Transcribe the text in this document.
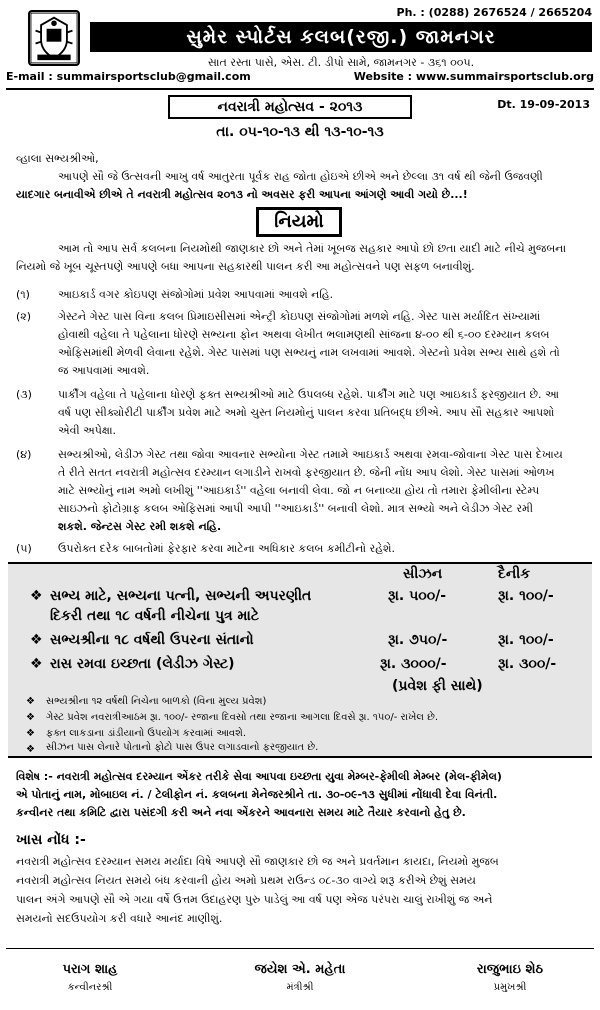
Ph. : (0288) 2676524 / 2665204
સુમેર સ્પોર્ટસ કલબ(રજી.) જામનગર
સાત રસ્તા પાસે, એસ. ટી. ડીપો સામે, જામનગર - ૩૬૧ ૦૦૫.
E-mail : summairsportsclub@gmail.com	Website : www.summairsportsclub.org
નવરાત્રી મહોત્સવ - ૨૦૧૩	Dt. 19-09-2013
તા. ૦૫-૧૦-૧૩ થી ૧૩-૧૦-૧૩
વ્હાલા સભ્યશ્રીઓ,
આપણે સૌ જે ઉત્સવની આખુ વર્ષ આતુરતા પૂર્વક રાહ જોતા હોઇએ છીએ અને છેલ્લા ૩૧ વર્ષ થી જેની ઉજવણી
યાદગાર બનાવીએ છીએ તે નવરાત્રી મહોત્સવ ૨૦૧૩ નો અવસર ફરી આપના આંગણે આવી ગયો છે...!
નિયમો
આમ તો આપ સર્વ કલબના નિયમોથી જાણકાર છો અને તેમાં ખૂબજ સહકાર આપો છો છતા યાદી માટે નીચે મુજબના
નિયમો જે ખૂબ ચૂસ્તપણે આપણે બધા આપના સહકારથી પાલન કરી આ મહોત્સવને પણ સફળ બનાવીશું.
(૧)	આઇકાર્ડ વગર કોઇપણ સંજોગોમાં પ્રવેશ આપવામાં આવશે નહિ.
(૨) ગેસ્ટને ગેસ્ટ પાસ વિના કલબ પ્રિમાઇસીસમાં એન્ટ્રી કોઇપણ સંજોગોમાં મળશે નહિ. ગેસ્ટ પાસ મર્યાદિત સંખ્યામાં
હોવાથી વહેલા તે પહેલાના ધોરણે સભ્યના ફોન અથવા લેખીત ભલામણથી સાંજના ૪-૦૦ થી ૬-૦૦ દરમ્યાન કલબ
ઓફિસમાંથી મેળવી લેવાના રહેશે. ગેસ્ટ પાસમાં પણ સભ્યનું નામ લખવામાં આવશે. ગેસ્ટનો પ્રવેશ સભ્ય સાથે હશે તો
જ આપવામાં આવશે.
(૩) પાર્કીંગ વહેલા તે પહેલાના ધોરણે ફક્ત સભ્યશ્રીઓ માટે ઉપલબ્ધ રહેશે. પાર્કીંગ માટે પણ આઇકાર્ડ ફરજીયાત છે. આ
વર્ષ પણ સીક્યોરીટી પાર્કીંગ પ્રવેશ માટે અમો ચુસ્ત નિયમોનું પાલન કરવા પ્રતિબદ્ધ છીએ. આપ સૌ સહકાર આપશો
એવી અપેક્ષા.
(૪) સભ્યશ્રીઓ, લેડીઝ ગેસ્ટ તથા જોવા આવનાર સભ્યોના ગેસ્ટ તમામે આઇકાર્ડ અથવા રમવા-જોવાના ગેસ્ટ પાસ દેખાય
તે રીતે સતત નવરાત્રી મહોત્સવ દરમ્યાન લગાડીને રાખવો ફરજીયાત છે. જેની નોંધ આપ લેશો. ગેસ્ટ પાસમાં ઓળખ
માટે સભ્યોનું નામ અમો લખીશું ''આઇકાર્ડ'' વહેલા બનાવી લેવા. જો ન બનાવ્યા હોય તો તમારા ફેમીલીના સ્ટેમ્પ
સાઇઝનો ફોટોગ્રાફ કલબ ઓફિસમાં આપી આપી ''આઇકાર્ડ'' બનાવી લેશો. માત્ર સભ્યો અને લેડીઝ ગેસ્ટ રમી
શકશે. જેન્ટસ ગેસ્ટ રમી શકશે નહિ.
(૫) ઉપરોક્ત દરેક બાબતોમાં ફેરફાર કરવા માટેના અધિકાર કલબ કમીટીનો રહેશે.
સીઝન	દૈનીક
❖ સભ્ય માટે, સભ્યના પત્ની, સભ્યની અપરણીત
દિકરી તથા ૧૮ વર્ષની નીચેના પુત્ર માટે
રૂા. ૫૦૦/-	રૂા. ૧૦૦/-
❖ સભ્યશ્રીના ૧૮ વર્ષથી ઉપરના સંતાનો	રૂા. ૭૫૦/-	રૂા. ૧૦૦/-
❖ રાસ રમવા ઇચ્છતા (લેડીઝ ગેસ્ટ)	રૂા. ૩૦૦૦/-	રૂા. ૩૦૦/-
(પ્રવેશ ફી સાથે)
❖ સભ્યશ્રીના ૧૨ વર્ષથી નિચેના બાળકો (વિના મુલ્ય પ્રવેશ)
❖ ગેસ્ટ પ્રવેશ નવરાત્રીઆઠમ રૂા. ૧૦૦/- રજાના દિવસો તથા રજાના આગલા દિવસે રૂા. ૧૫૦/- રાખેલ છે.
❖ ફક્ત લાકડાના ડાંડીયાનો ઉપયોગ કરવામાં આવશે.
❖ સીઝન પાસ લેનારે પોતાનો ફોટો પાસ ઉપર લગાડવાનો ફરજીયાત છે.
વિશેષ :- નવરાત્રી મહોત્સવ દરમ્યાન એંકર તરીકે સેવા આપવા ઇચ્છતા યુવા મેમ્બર-ફેમીલી મેમ્બર (મેલ-ફીમેલ)
એ પોતાનું નામ, મોબાઇલ નં. / ટેલીફોન નં. કલબના મેનેજરશ્રીને તા. ૩૦-૦૯-૧૩ સુધીમાં નોંધાવી દેવા વિનંતી.
કન્વીનર તથા કમિટિ દ્વારા પસંદગી કરી અને નવા એંકરને આવનારા સમય માટે તૈયાર કરવાનો હેતુ છે.
ખાસ નોંધ :-
નવરાત્રી મહોત્સવ દરમ્યાન સમય મર્યાદા વિષે આપણે સૌ જાણકાર છો જ અને પ્રવર્તમાન કાયદા, નિયમો મુજબ
નવરાત્રી મહોત્સવ નિયત સમયે બંધ કરવાની હોય અમો પ્રથમ રાઉન્ડ ૦૮-૩૦ વાગ્યે શરૂ કરીએ છેશું સમય
પાલન અંગે આપણે સૌ એ ગયા વર્ષે ઉત્તમ ઉદાહરણ પુરુ પાડેલું આ વર્ષ પણ એજ પરંપરા ચાલું રાખીશું જ અને
સમયનો સદઉપયોગ કરી વધારે આનંદ માણીશું.
પરાગ શાહ
કન્વીનરશ્રી
જયેશ એ. મહેતા
મંત્રીશ્રી
રાજુભાઇ શેઠ
પ્રમુખશ્રી
